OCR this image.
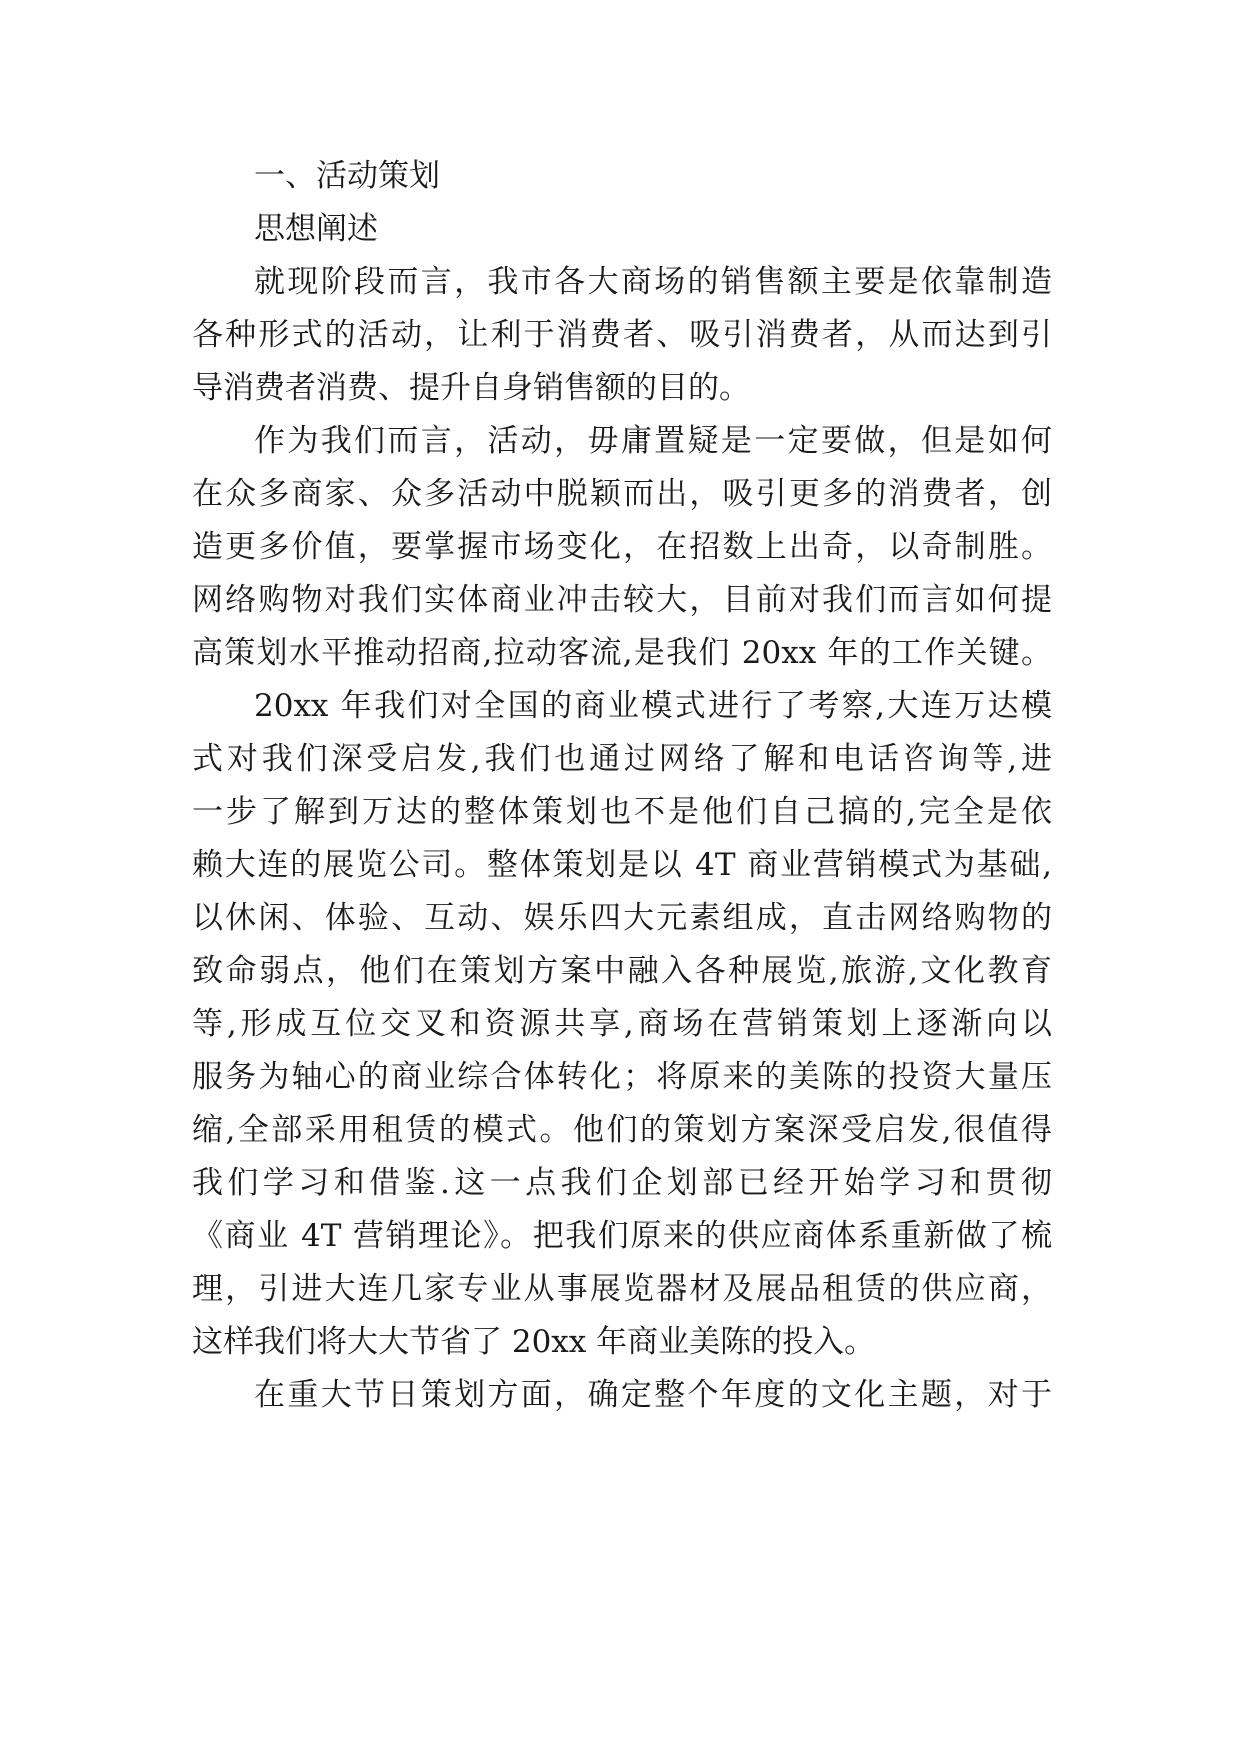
一、活动策划
思想阐述
就现阶段而言，我市各大商场的销售额主要是依靠制造
各种形式的活动，让利于消费者、吸引消费者，从而达到引
导消费者消费、提升自身销售额的目的。
作为我们而言，活动，毋庸置疑是一定要做，但是如何
在众多商家、众多活动中脱颖而出，吸引更多的消费者，创
造更多价值，要掌握市场变化，在招数上出奇，以奇制胜。
网络购物对我们实体商业冲击较大，目前对我们而言如何提
高策划水平推动招商,拉动客流,是我们 20xx 年的工作关键。
20xx 年我们对全国的商业模式进行了考察,大连万达模
式对我们深受启发,我们也通过网络了解和电话咨询等,进
一步了解到万达的整体策划也不是他们自己搞的,完全是依
赖大连的展览公司。整体策划是以 4T 商业营销模式为基础,
以休闲、体验、互动、娱乐四大元素组成，直击网络购物的
致命弱点，他们在策划方案中融入各种展览,旅游,文化教育
等,形成互位交叉和资源共享,商场在营销策划上逐渐向以
服务为轴心的商业综合体转化；将原来的美陈的投资大量压
缩,全部采用租赁的模式。他们的策划方案深受启发,很值得
我们学习和借鉴.这一点我们企划部已经开始学习和贯彻
《商业 4T 营销理论》。把我们原来的供应商体系重新做了梳
理，引进大连几家专业从事展览器材及展品租赁的供应商，
这样我们将大大节省了 20xx 年商业美陈的投入。
在重大节日策划方面，确定整个年度的文化主题，对于
